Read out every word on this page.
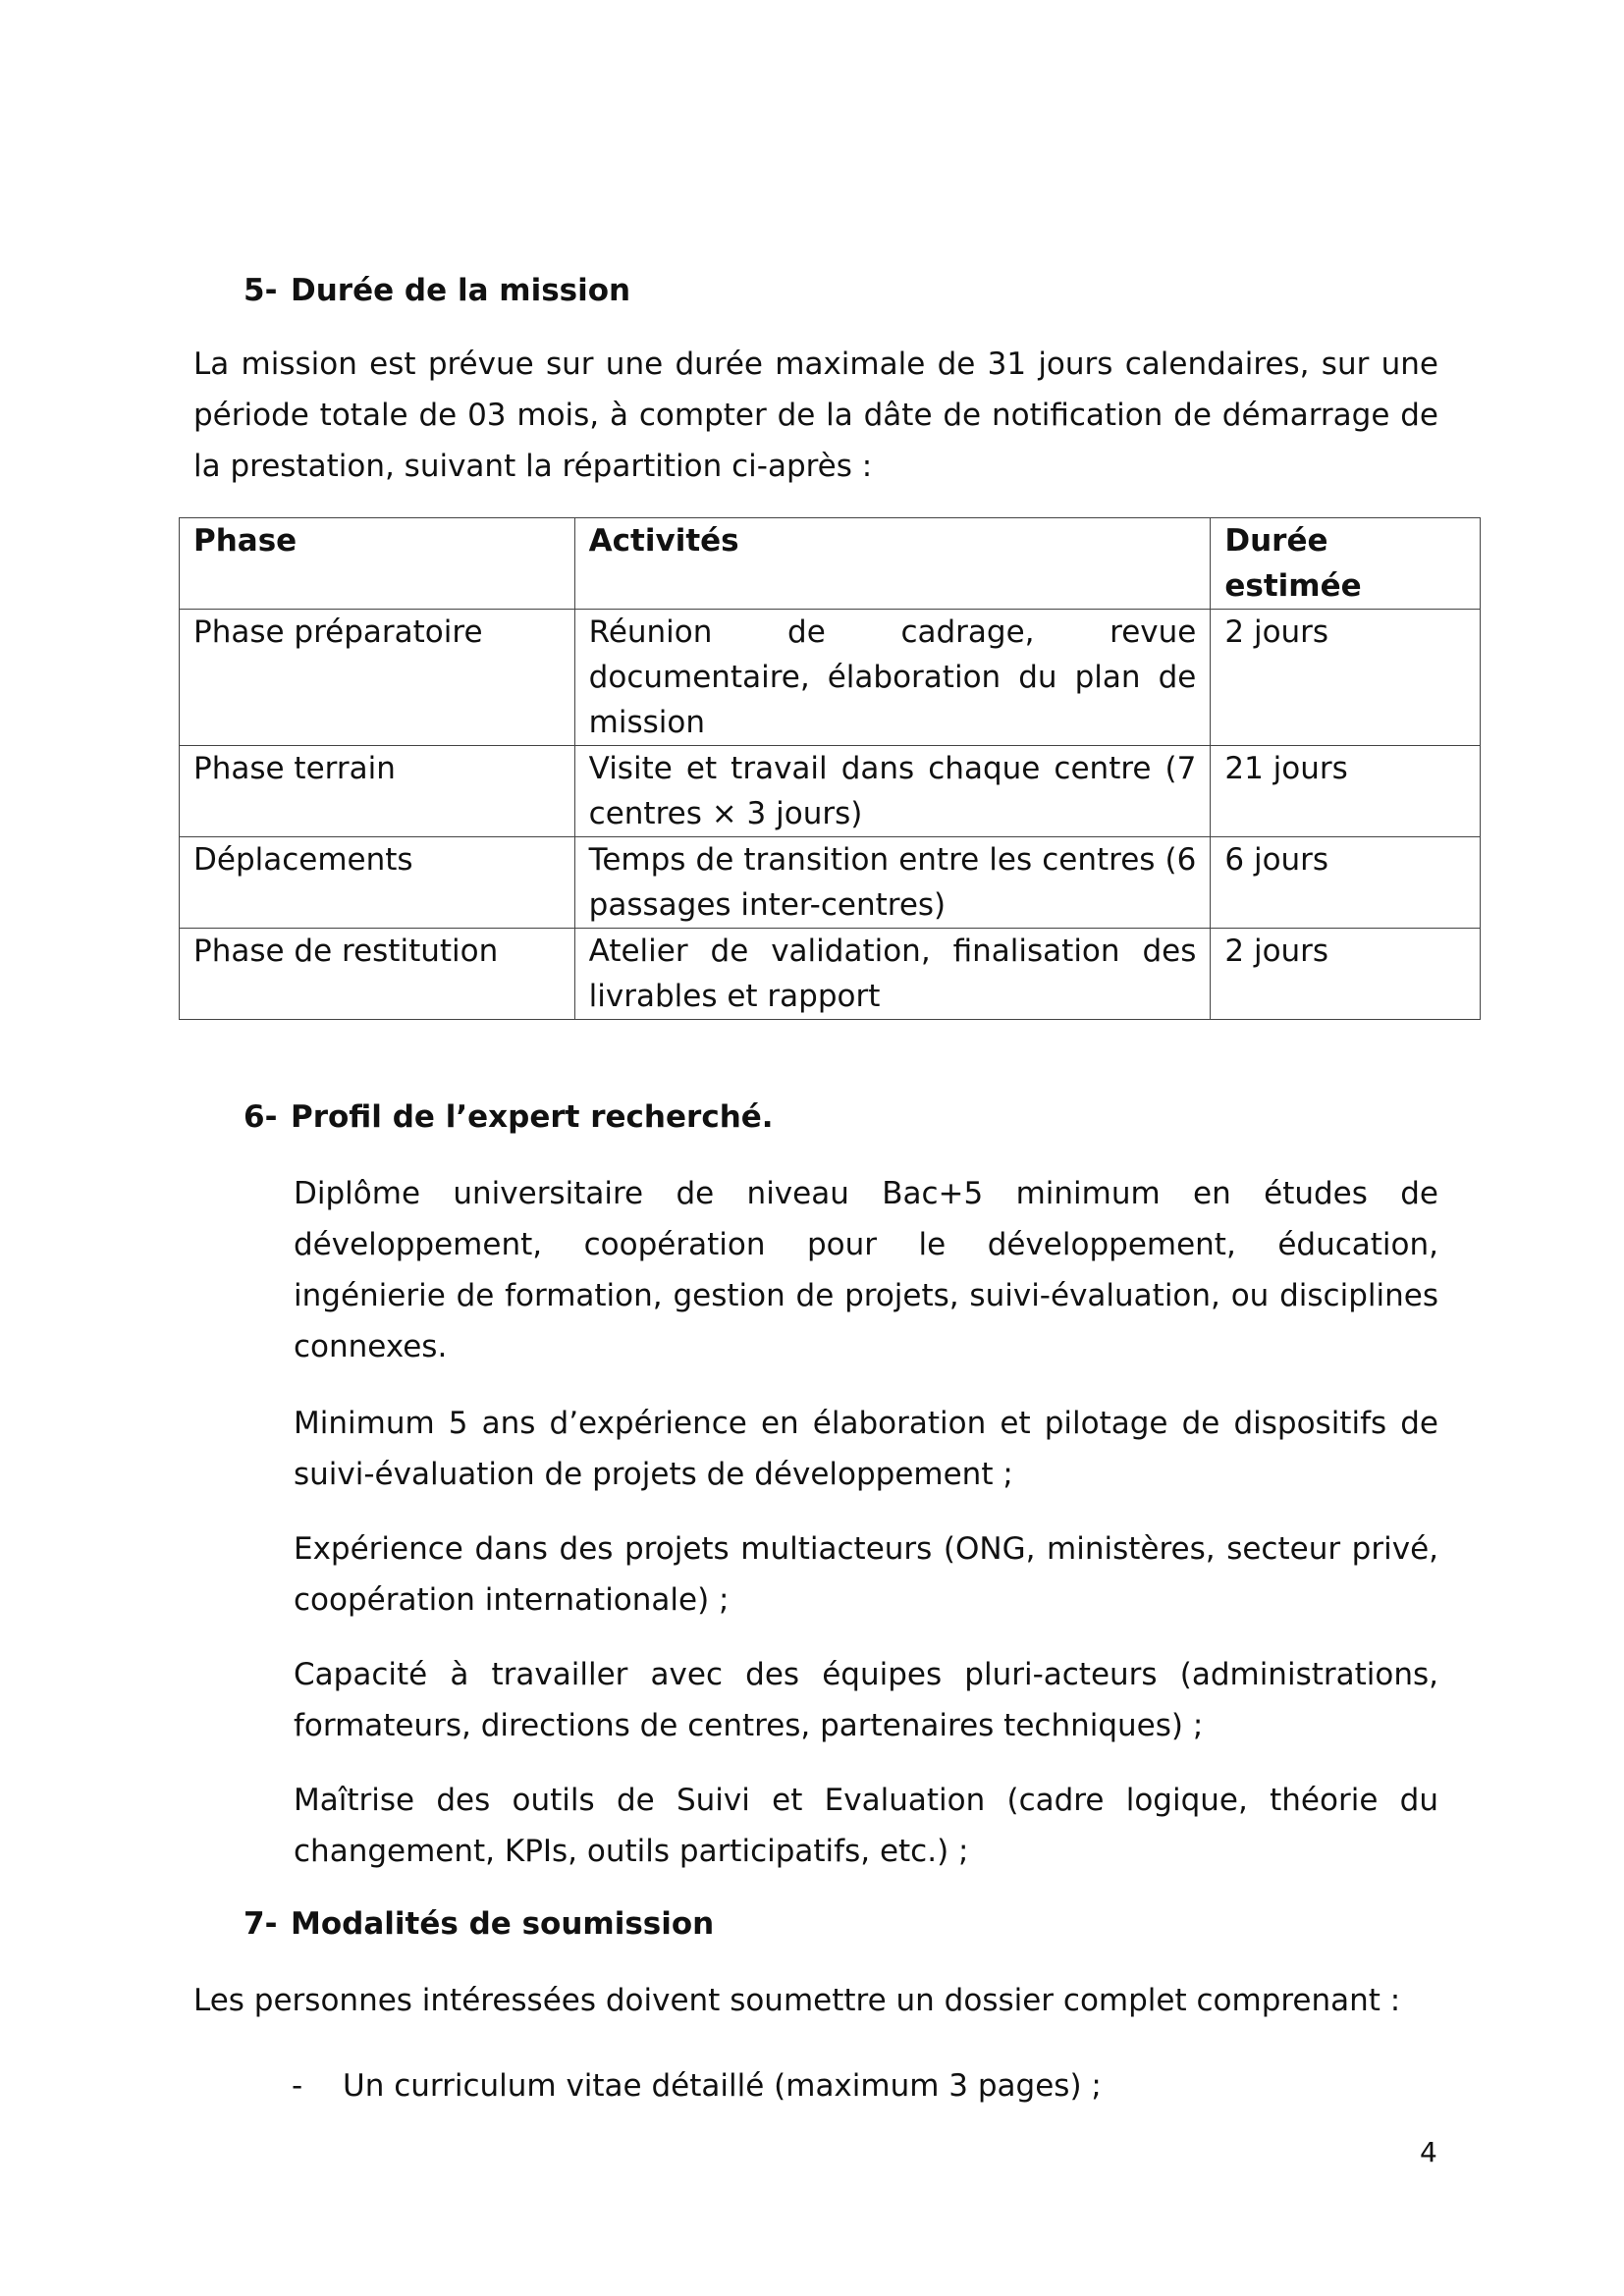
5- Durée de la mission

La mission est prévue sur une durée maximale de 31 jours calendaires, sur une période totale de 03 mois, à compter de la dâte de notification de démarrage de la prestation, suivant la répartition ci-après :

Phase	Activités	Durée estimée
Phase préparatoire	Réunion de cadrage, revue documentaire, élaboration du plan de mission	2 jours
Phase terrain	Visite et travail dans chaque centre (7 centres × 3 jours)	21 jours
Déplacements	Temps de transition entre les centres (6 passages inter-centres)	6 jours
Phase de restitution	Atelier de validation, finalisation des livrables et rapport	2 jours
6- Profil de l’expert recherché.

Diplôme universitaire de niveau Bac+5 minimum en études de développement, coopération pour le développement, éducation, ingénierie de formation, gestion de projets, suivi-évaluation, ou disciplines connexes.

Minimum 5 ans d’expérience en élaboration et pilotage de dispositifs de suivi-évaluation de projets de développement ;

Expérience dans des projets multiacteurs (ONG, ministères, secteur privé, coopération internationale) ;

Capacité à travailler avec des équipes pluri-acteurs (administrations, formateurs, directions de centres, partenaires techniques) ;

Maîtrise des outils de Suivi et Evaluation (cadre logique, théorie du changement, KPIs, outils participatifs, etc.) ;

7- Modalités de soumission

Les personnes intéressées doivent soumettre un dossier complet comprenant :

- Un curriculum vitae détaillé (maximum 3 pages) ;
4
